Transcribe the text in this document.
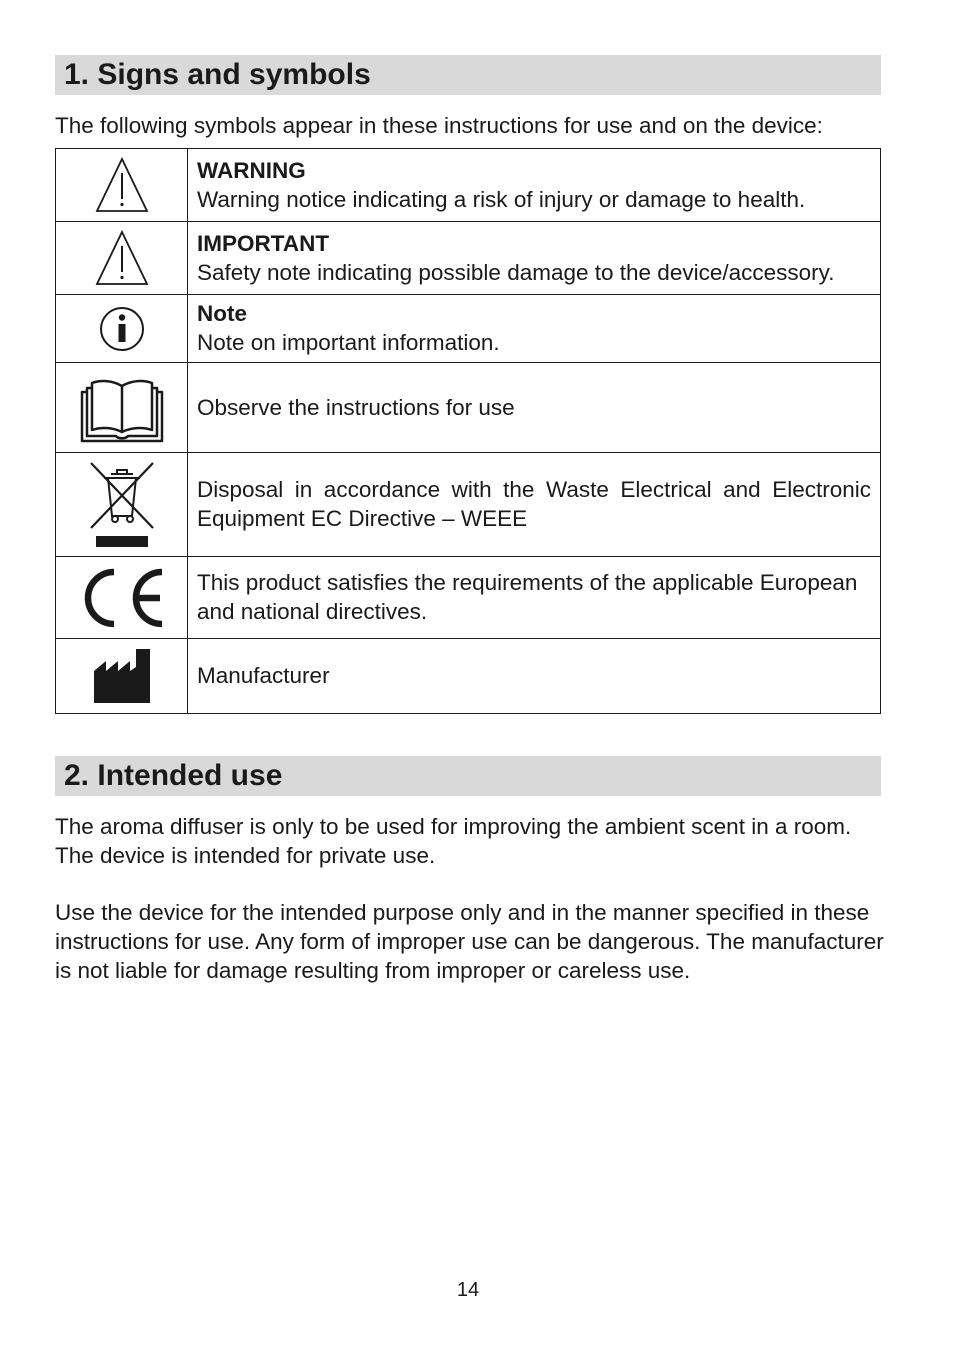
1. Signs and symbols
The following symbols appear in these instructions for use and on the device:

WARNING
Warning notice indicating a risk of injury or damage to health.

IMPORTANT
Safety note indicating possible damage to the device/accessory.

Note
Note on important information.

Observe the instructions for use

Disposal in accordance with the Waste Electrical and Electronic Equipment EC Directive – WEEE

This product satisfies the requirements of the applicable European and national directives.

Manufacturer
2. Intended use
The aroma diffuser is only to be used for improving the ambient scent in a room.
The device is intended for private use.
Use the device for the intended purpose only and in the manner specified in these
instructions for use. Any form of improper use can be dangerous. The manufacturer
is not liable for damage resulting from improper or careless use.
14
